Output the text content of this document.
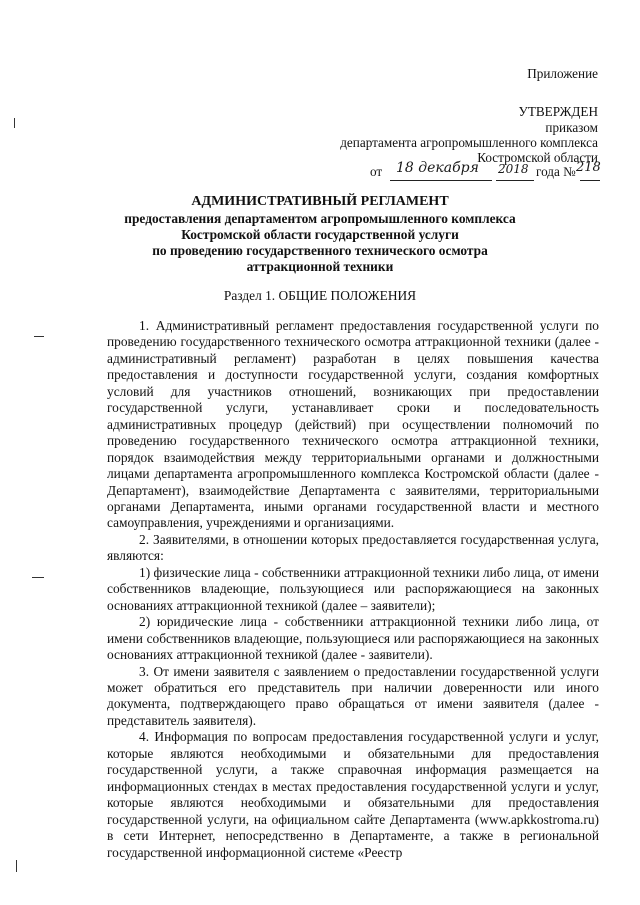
Приложение
УТВЕРЖДЕН
приказом
департамента агропромышленного комплекса
Костромской области
от 18 декабря 2018 года № 218
АДМИНИСТРАТИВНЫЙ РЕГЛАМЕНТ
предоставления департаментом агропромышленного комплекса
Костромской области государственной услуги
по проведению государственного технического осмотра
аттракционной техники
Раздел 1. ОБЩИЕ ПОЛОЖЕНИЯ

1. Административный регламент предоставления государственной услуги по проведению государственного технического осмотра аттракционной техники (далее - административный регламент) разработан в целях повышения качества предоставления и доступности государственной услуги, создания комфортных условий для участников отношений, возникающих при предоставлении государственной услуги, устанавливает сроки и последовательность административных процедур (действий) при осуществлении полномочий по проведению государственного технического осмотра аттракционной техники, порядок взаимодействия между территориальными органами и должностными лицами департамента агропромышленного комплекса Костромской области (далее - Департамент), взаимодействие Департамента с заявителями, территориальными органами Департамента, иными органами государственной власти и местного самоуправления, учреждениями и организациями.

2. Заявителями, в отношении которых предоставляется государственная услуга, являются:

1) физические лица - собственники аттракционной техники либо лица, от имени собственников владеющие, пользующиеся или распоряжающиеся на законных основаниях аттракционной техникой (далее – заявители);

2) юридические лица - собственники аттракционной техники либо лица, от имени собственников владеющие, пользующиеся или распоряжающиеся на законных основаниях аттракционной техникой (далее - заявители).

3. От имени заявителя с заявлением о предоставлении государственной услуги может обратиться его представитель при наличии доверенности или иного документа, подтверждающего право обращаться от имени заявителя (далее - представитель заявителя).

4. Информация по вопросам предоставления государственной услуги и услуг, которые являются необходимыми и обязательными для предоставления государственной услуги, а также справочная информация размещается на информационных стендах в местах предоставления государственной услуги и услуг, которые являются необходимыми и обязательными для предоставления государственной услуги, на официальном сайте Департамента (www.apkkostroma.ru) в сети Интернет, непосредственно в Департаменте, а также в региональной государственной информационной системе «Реестр
